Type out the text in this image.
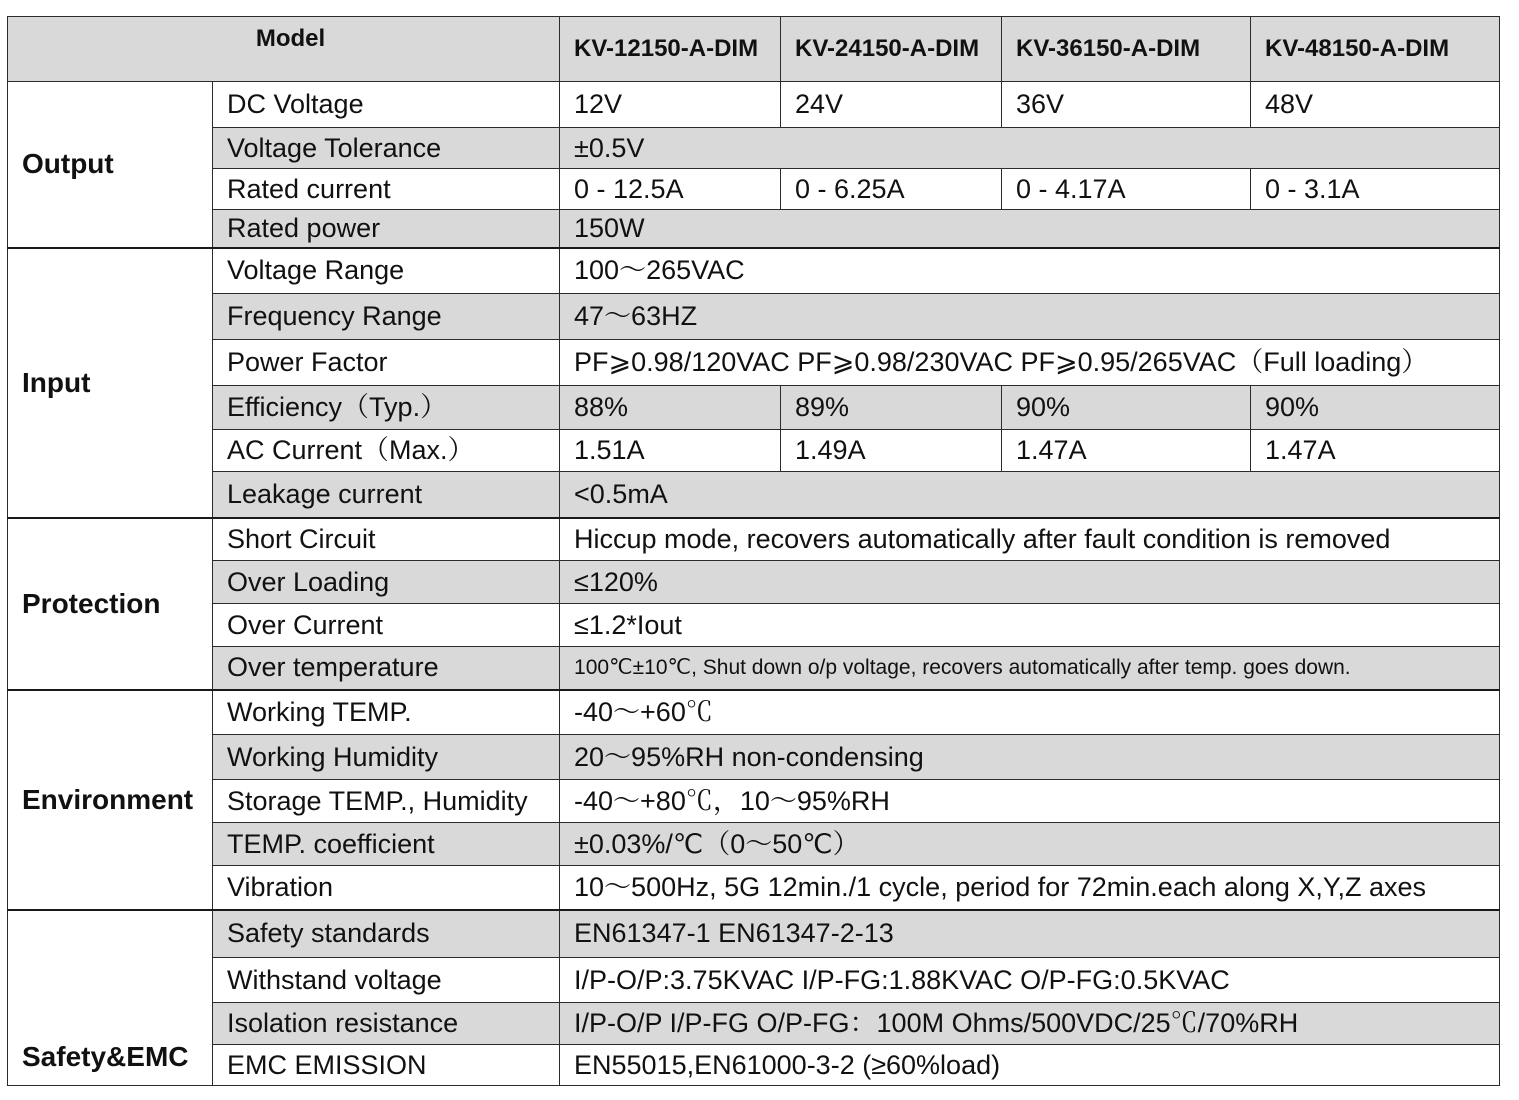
Model		KV-12150-A-DIM	KV-24150-A-DIM	KV-36150-A-DIM	KV-48150-A-DIM
Output	DC Voltage	12V	24V	36V	48V
	Voltage Tolerance	±0.5V			
	Rated current	0 - 12.5A	0 - 6.25A	0 - 4.17A	0 - 3.1A
	Rated power	150W			
Input	Voltage Range	100～265VAC			
	Frequency Range	47～63HZ			
	Power Factor	PF⩾0.98/120VAC PF⩾0.98/230VAC PF⩾0.95/265VAC（Full loading）			
	Efficiency（Typ.）	88%	89%	90%	90%
	AC Current（Max.）	1.51A	1.49A	1.47A	1.47A
	Leakage current	<0.5mA			
Protection	Short Circuit	Hiccup mode, recovers automatically after fault condition is removed			
	Over Loading	≤120%			
	Over Current	≤1.2*Iout			
	Over temperature	100℃±10℃, Shut down o/p voltage, recovers automatically after temp. goes down.			
Environment	Working TEMP.	-40～+60℃			
	Working Humidity	20～95%RH non-condensing			
	Storage TEMP., Humidity	-40～+80℃，10～95%RH			
	TEMP. coefficient	±0.03%/℃（0～50℃）			
	Vibration	10～500Hz, 5G 12min./1 cycle, period for 72min.each along X,Y,Z axes			
Safety&EMC	Safety standards	EN61347-1 EN61347-2-13			
	Withstand voltage	I/P-O/P:3.75KVAC I/P-FG:1.88KVAC O/P-FG:0.5KVAC			
	Isolation resistance	I/P-O/P I/P-FG O/P-FG：100M Ohms/500VDC/25℃/70%RH			
	EMC EMISSION	EN55015,EN61000-3-2 (≥60%load)			
